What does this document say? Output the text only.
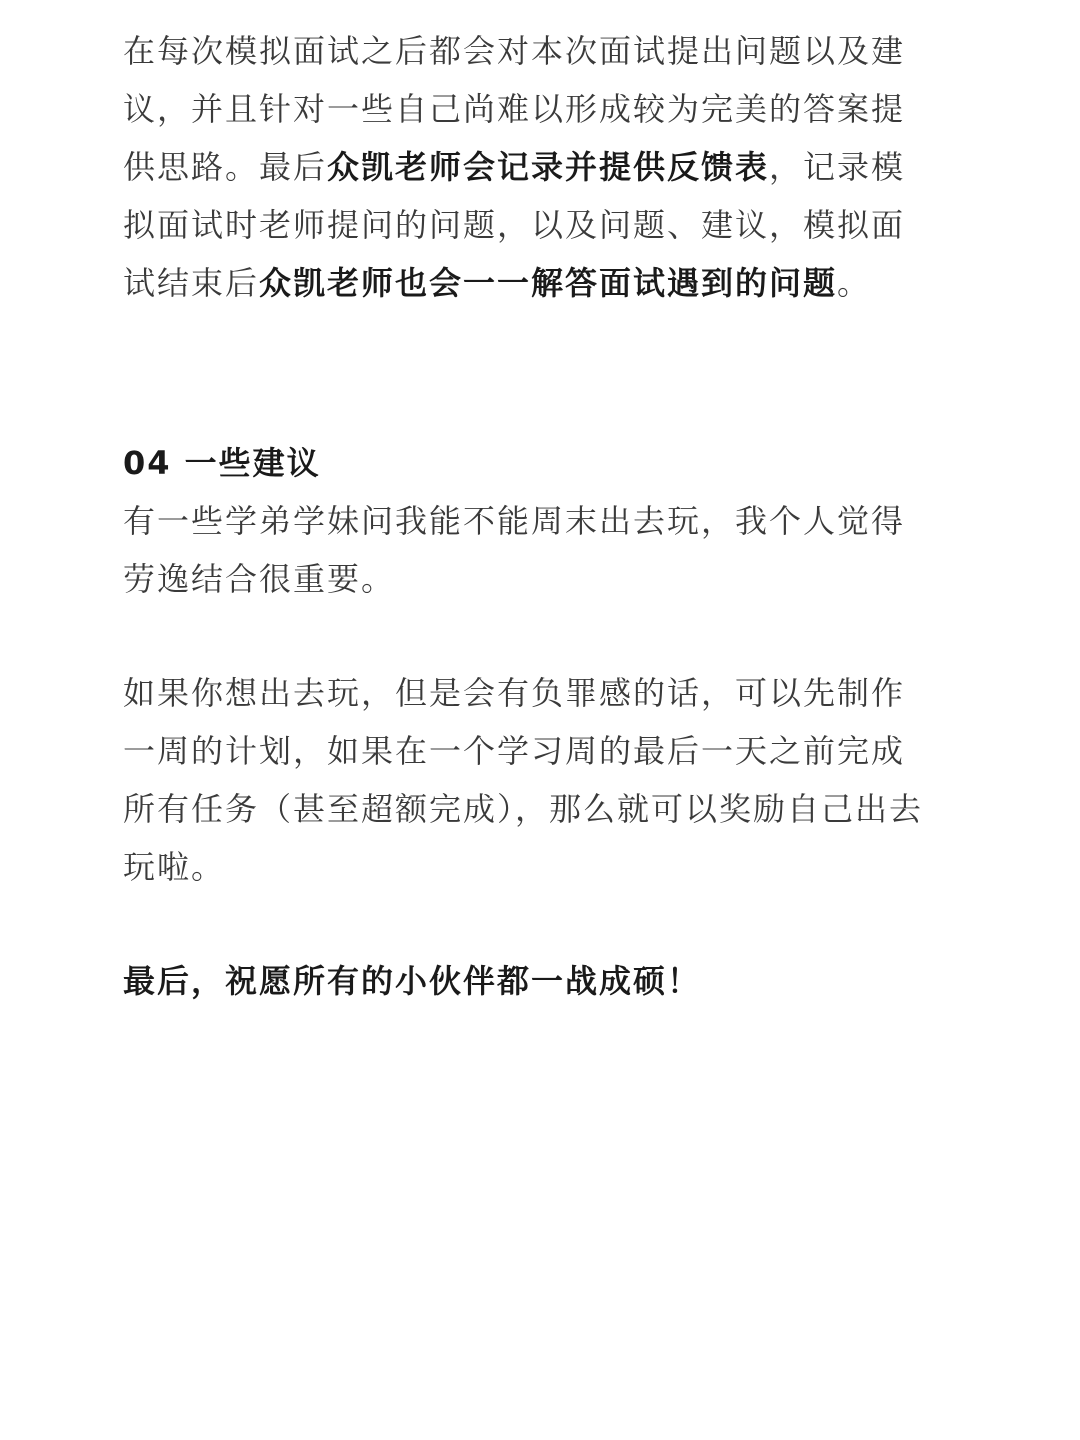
在每次模拟面试之后都会对本次面试提出问题以及建议，并且针对一些自己尚难以形成较为完美的答案提供思路。最后众凯老师会记录并提供反馈表，记录模拟面试时老师提问的问题，以及问题、建议，模拟面试结束后众凯老师也会一一解答面试遇到的问题。

04 一些建议

有一些学弟学妹问我能不能周末出去玩，我个人觉得劳逸结合很重要。

如果你想出去玩，但是会有负罪感的话，可以先制作一周的计划，如果在一个学习周的最后一天之前完成所有任务（甚至超额完成），那么就可以奖励自己出去玩啦。

最后，祝愿所有的小伙伴都一战成硕！
